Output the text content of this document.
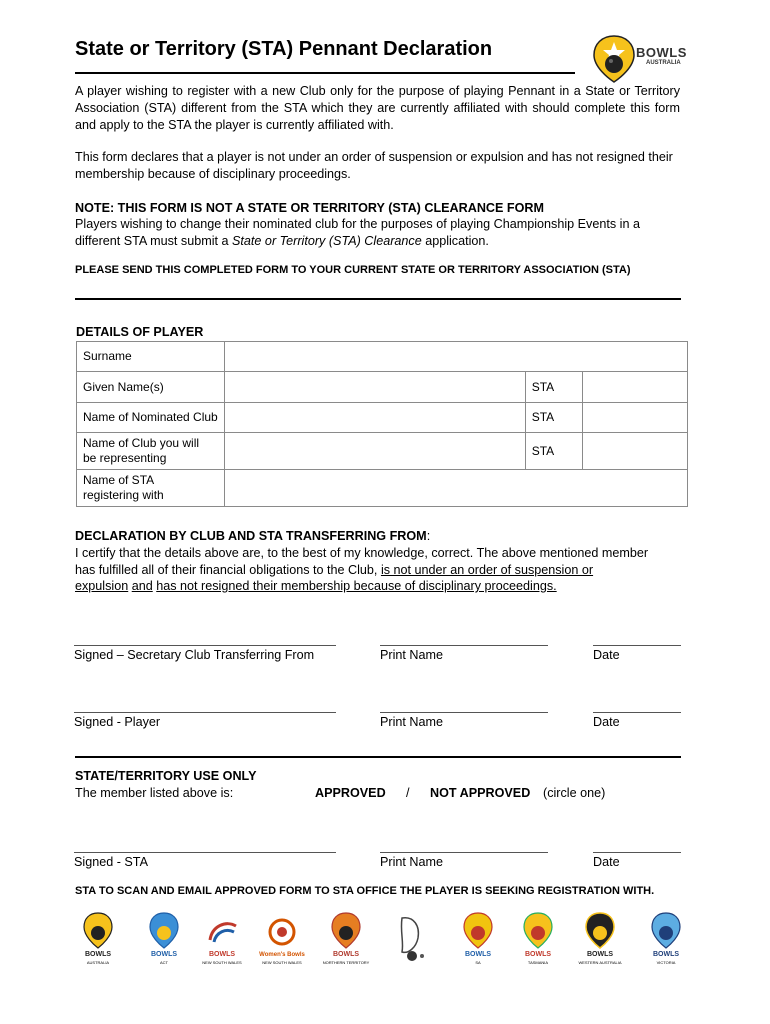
State or Territory (STA) Pennant Declaration	BOWLS
AUSTRALIA
A player wishing to register with a new Club only for the purpose of playing Pennant in a State or Territory Association (STA) different from the STA which they are currently affiliated with should complete this form and apply to the STA the player is currently affiliated with.
This form declares that a player is not under an order of suspension or expulsion and has not resigned their membership because of disciplinary proceedings.
NOTE: THIS FORM IS NOT A STATE OR TERRITORY (STA) CLEARANCE FORM
Players wishing to change their nominated club for the purposes of playing Championship Events in a different STA must submit a State or Territory (STA) Clearance application.
PLEASE SEND THIS COMPLETED FORM TO YOUR CURRENT STATE OR TERRITORY ASSOCIATION (STA)
DETAILS OF PLAYER
Surname			
Given Name(s)		STA	
Name of Nominated Club		STA	
Name of Club you will
be representing		STA	
Name of STA
registering with			
DECLARATION BY CLUB AND STA TRANSFERRING FROM:
I certify that the details above are, to the best of my knowledge, correct. The above mentioned member
has fulfilled all of their financial obligations to the Club, is not under an order of suspension or
expulsion and has not resigned their membership because of disciplinary proceedings.
Signed – Secretary Club Transferring From	Print Name	Date
Signed - Player	Print Name	Date
STATE/TERRITORY USE ONLY
The member listed above is:	APPROVED / NOT APPROVED (circle one)
Signed - STA	Print Name	Date
STA TO SCAN AND EMAIL APPROVED FORM TO STA OFFICE THE PLAYER IS SEEKING REGISTRATION WITH.
BOWLS
AUSTRALIA
BOWLS
ACT
BOWLS
NEW SOUTH WALES
Women's Bowls
NEW SOUTH WALES
BOWLS
NORTHERN TERRITORY
BOWLS
SA
BOWLS
TASMANIA
BOWLS
WESTERN AUSTRALIA
BOWLS
VICTORIA
